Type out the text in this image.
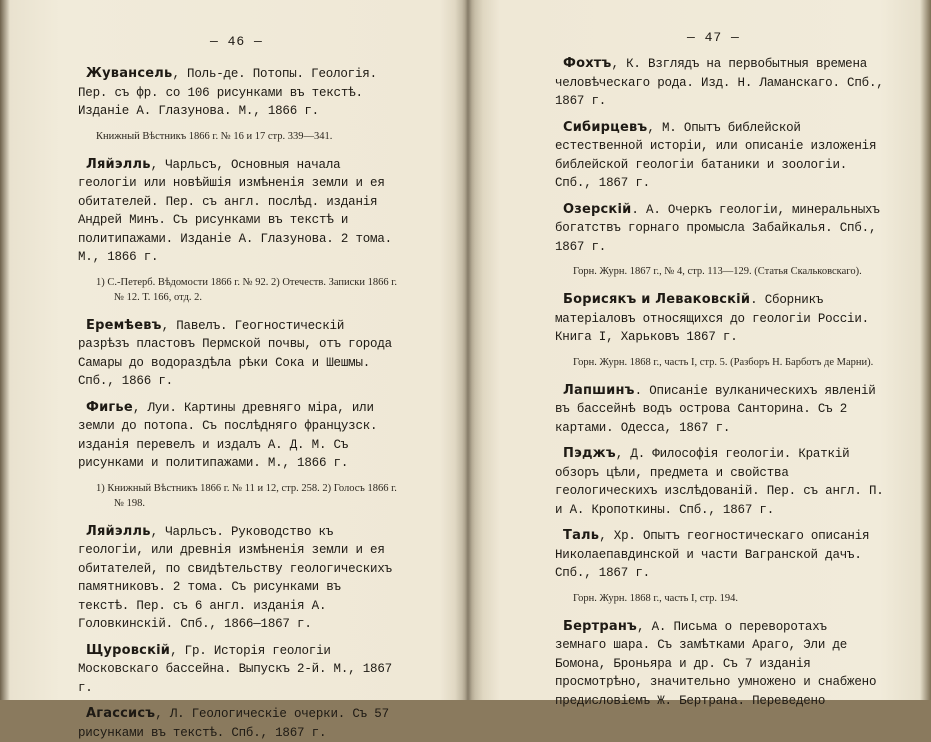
— 46 —
Жувансель, Поль-де. Потопы. Геологія. Пер. съ фр. со 106 рисунками въ текстѣ. Изданіе А. Глазунова. М., 1866 г.
Книжный Вѣстникъ 1866 г. № 16 и 17 стр. 339—341.
Ляйэлль, Чарльсъ, Основныя начала геологіи или новѣйшія измѣненія земли и ея обитателей. Пер. съ англ. послѣд. изданія Андрей Минъ. Съ рисунками въ текстѣ и политипажами. Изданіе А. Глазунова. 2 тома. М., 1866 г.
1) С.-Петерб. Вѣдомости 1866 г. № 92. 2) Отечеств. Записки 1866 г. № 12. Т. 166, отд. 2.
Еремѣевъ, Павелъ. Геогностическій разрѣзъ пластовъ Пермской почвы, отъ города Самары до водораздѣла рѣки Сока и Шешмы. Спб., 1866 г.
Фигье, Луи. Картины древняго міра, или земли до потопа. Съ послѣдняго французск. изданія перевелъ и издалъ А. Д. М. Съ рисунками и политипажами. М., 1866 г.
1) Книжный Вѣстникъ 1866 г. № 11 и 12, стр. 258. 2) Голосъ 1866 г. № 198.
Ляйэлль, Чарльсъ. Руководство къ геологіи, или древнія измѣненія земли и ея обитателей, по свидѣтельству геологическихъ памятниковъ. 2 тома. Съ рисунками въ текстѣ. Пер. съ 6 англ. изданія А. Головкинскій. Спб., 1866—1867 г.
Щуровскій, Гр. Исторія геологіи Московскаго бассейна. Выпускъ 2-й. М., 1867 г.
Агассисъ, Л. Геологическіе очерки. Съ 57 рисунками въ текстѣ. Спб., 1867 г.
— 47 —
Фохтъ, К. Взглядъ на первобытныя времена человѣческаго рода. Изд. Н. Ламанскаго. Спб., 1867 г.
Сибирцевъ, М. Опытъ библейской естественной исторіи, или описаніе изложенія библейской геологіи батаники и зоологіи. Спб., 1867 г.
Озерскій. А. Очеркъ геологіи, минеральныхъ богатствъ горнаго промысла Забайкалья. Спб., 1867 г.
Горн. Журн. 1867 г., № 4, стр. 113—129. (Статья Скальковскаго).
Борисякъ и Леваковскій. Сборникъ матеріаловъ относящихся до геологіи Россіи. Книга I, Харьковъ 1867 г.
Горн. Журн. 1868 г., часть I, стр. 5. (Разборъ Н. Барботъ де Марни).
Лапшинъ. Описаніе вулканическихъ явленій въ бассейнѣ водъ острова Санторина. Съ 2 картами. Одесса, 1867 г.
Пэджъ, Д. Философія геологіи. Краткій обзоръ цѣли, предмета и свойства геологическихъ изслѣдованій. Пер. съ англ. П. и А. Кропоткины. Спб., 1867 г.
Таль, Хр. Опытъ геогностическаго описанія Николаепавдинской и части Вагранской дачъ. Спб., 1867 г.
Горн. Журн. 1868 г., часть I, стр. 194.
Бертранъ, А. Письма о переворотахъ земнаго шара. Съ замѣтками Араго, Эли де Бомона, Броньяра и др. Съ 7 изданія просмотрѣно, значительно умножено и снабжено предисловіемъ Ж. Бертрана. Переведено
